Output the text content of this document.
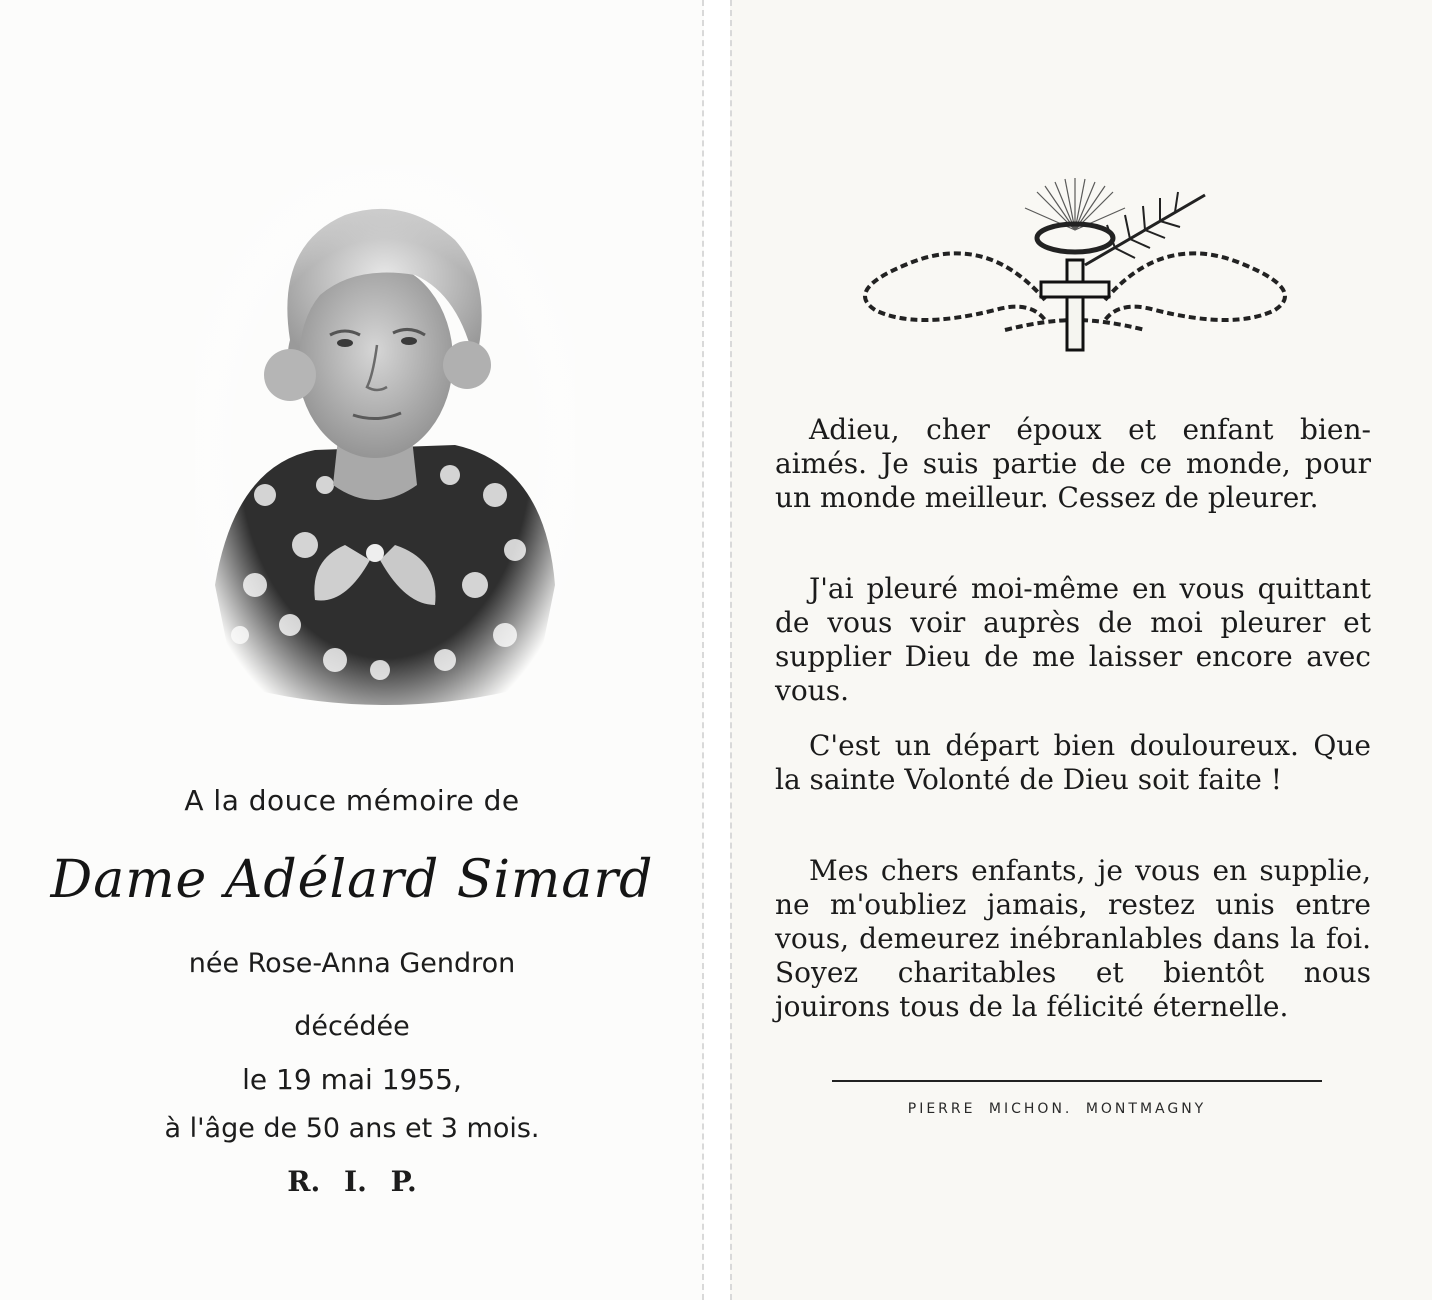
A la douce mémoire de
Dame Adélard Simard
née Rose-Anna Gendron
décédée
le 19 mai 1955,
à l'âge de 50 ans et 3 mois.
R. I. P.

Adieu, cher époux et enfant bien-aimés. Je suis partie de ce monde, pour un monde meilleur. Cessez de pleurer.

J'ai pleuré moi-même en vous quittant de vous voir auprès de moi pleurer et supplier Dieu de me laisser encore avec vous.

C'est un départ bien douloureux. Que la sainte Volonté de Dieu soit faite !

Mes chers enfants, je vous en supplie, ne m'oubliez jamais, restez unis entre vous, demeurez inébranlables dans la foi. Soyez charitables et bientôt nous jouirons tous de la félicité éternelle.

PIERRE MICHON. MONTMAGNY
